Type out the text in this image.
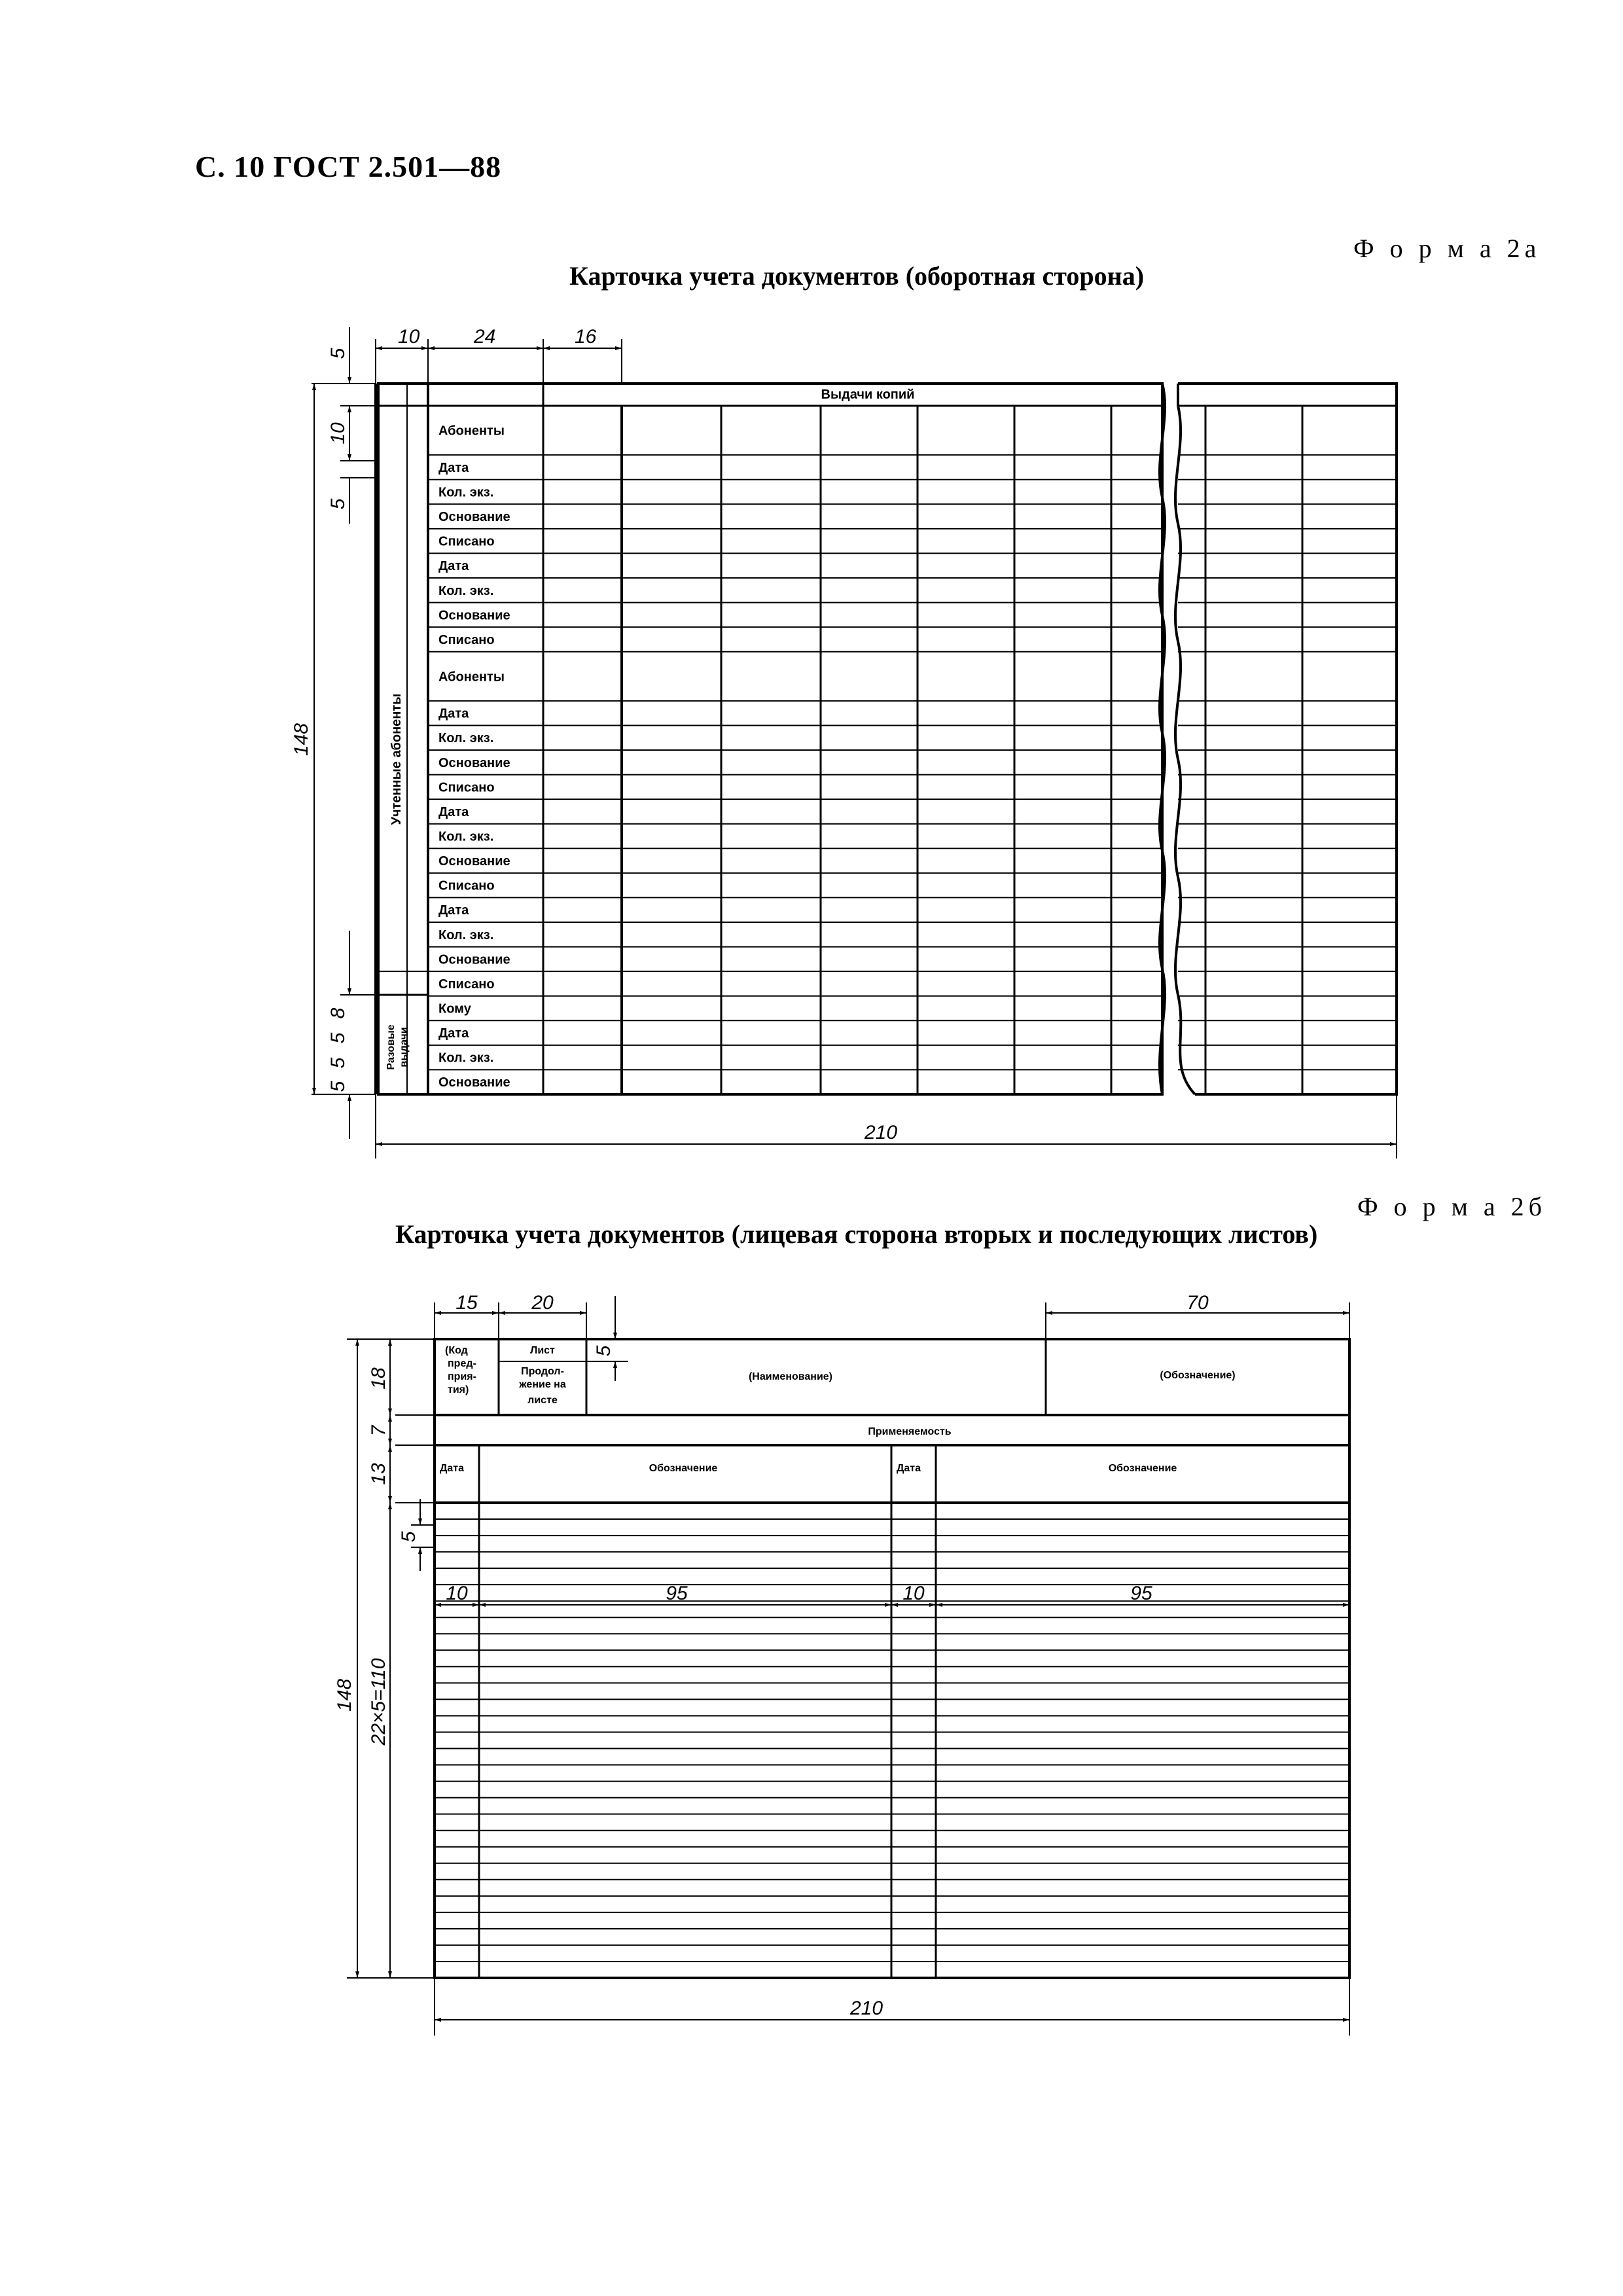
С. 10 ГОСТ 2.501—88
Ф о р м а 2а
Карточка учета документов (оборотная сторона)
Ф о р м а 2б
Карточка учета документов (лицевая сторона вторых и последующих листов)
Абоненты
Дата
Кол. экз.
Основание
Списано
Дата
Кол. экз.
Основание
Списано
Абоненты
Дата
Кол. экз.
Основание
Списано
Дата
Кол. экз.
Основание
Списано
Дата
Кол. экз.
Основание
Списано
Кому
Дата
Кол. экз.
Основание
Выдачи копий
Учтенные абоненты
Разовые выдачи
10	24	16
5
10
5
148
8
5
5
5
210
(Код
пред-
прия-
тия)
Лист
Продол-
жение на
листе
(Наименование)	(Обозначение)
Применяемость
Дата	Обозначение	Дата	Обозначение
15	20	70
5
18
7
13
5
148 22×5=110
10	95	10	95
210
